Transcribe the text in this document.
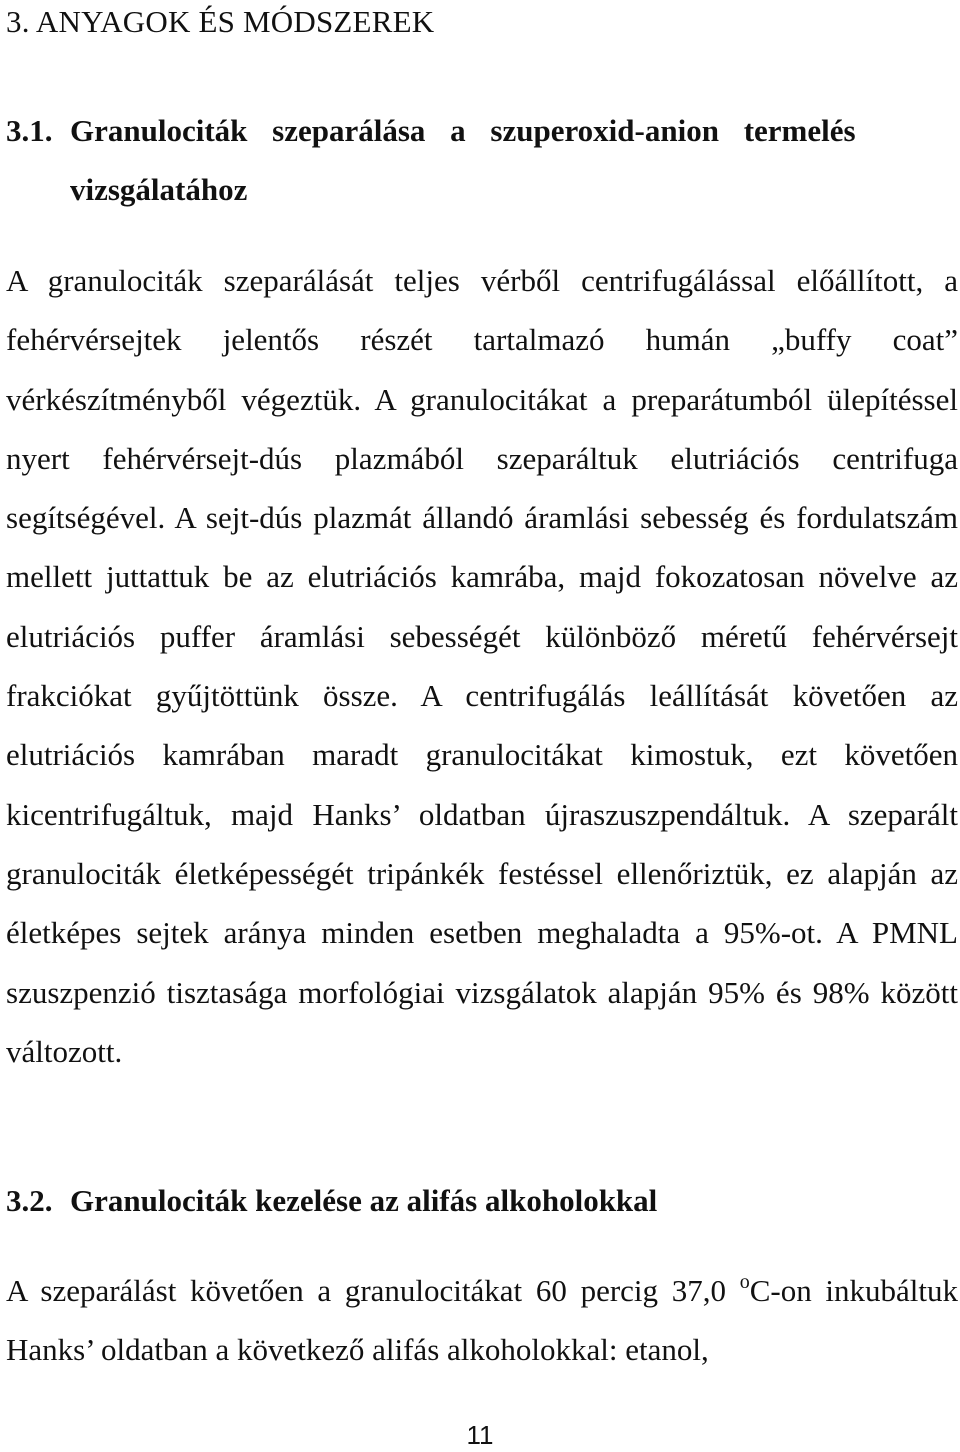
3. ANYAGOK ÉS MÓDSZEREK
3.1. Granulociták szeparálása a szuperoxid-anion termelés
vizsgálatához

A granulociták szeparálását teljes vérből centrifugálással előállított, a fehérvérsejtek jelentős részét tartalmazó humán „buffy coat” vérkészítményből végeztük. A granulocitákat a preparátumból ülepítéssel nyert fehérvérsejt-dús plazmából szeparáltuk elutriációs centrifuga segítségével. A sejt-dús plazmát állandó áramlási sebesség és fordulatszám mellett juttattuk be az elutriációs kamrába, majd fokozatosan növelve az elutriációs puffer áramlási sebességét különböző méretű fehérvérsejt frakciókat gyűjtöttünk össze. A centrifugálás leállítását követően az elutriációs kamrában maradt granulocitákat kimostuk, ezt követően kicentrifugáltuk, majd Hanks’ oldatban újraszuszpendáltuk. A szeparált granulociták életképességét tripánkék festéssel ellenőriztük, ez alapján az életképes sejtek aránya minden esetben meghaladta a 95%-ot. A PMNL szuszpenzió tisztasága morfológiai vizsgálatok alapján 95% és 98% között változott.

3.2. Granulociták kezelése az alifás alkoholokkal

A szeparálást követően a granulocitákat 60 percig 37,0 $^o$C-on inkubáltuk Hanks’ oldatban a következő alifás alkoholokkal: etanol,

11
